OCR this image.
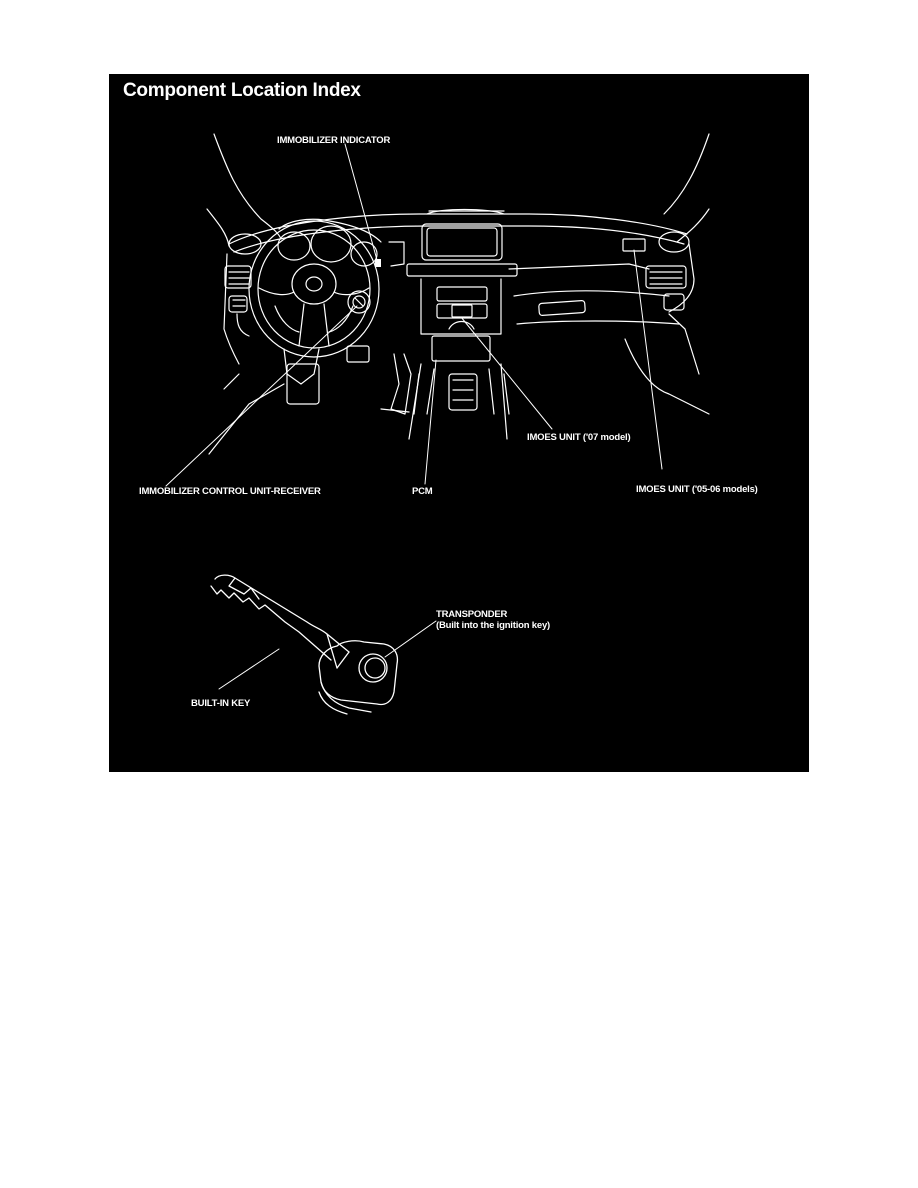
Component Location Index

IMMOBILIZER INDICATOR

IMMOBILIZER CONTROL UNIT-RECEIVER	PCM

IMOES UNIT ('07 model)

IMOES UNIT ('05-06 models)

TRANSPONDER
(Built into the ignition key)

BUILT-IN KEY
